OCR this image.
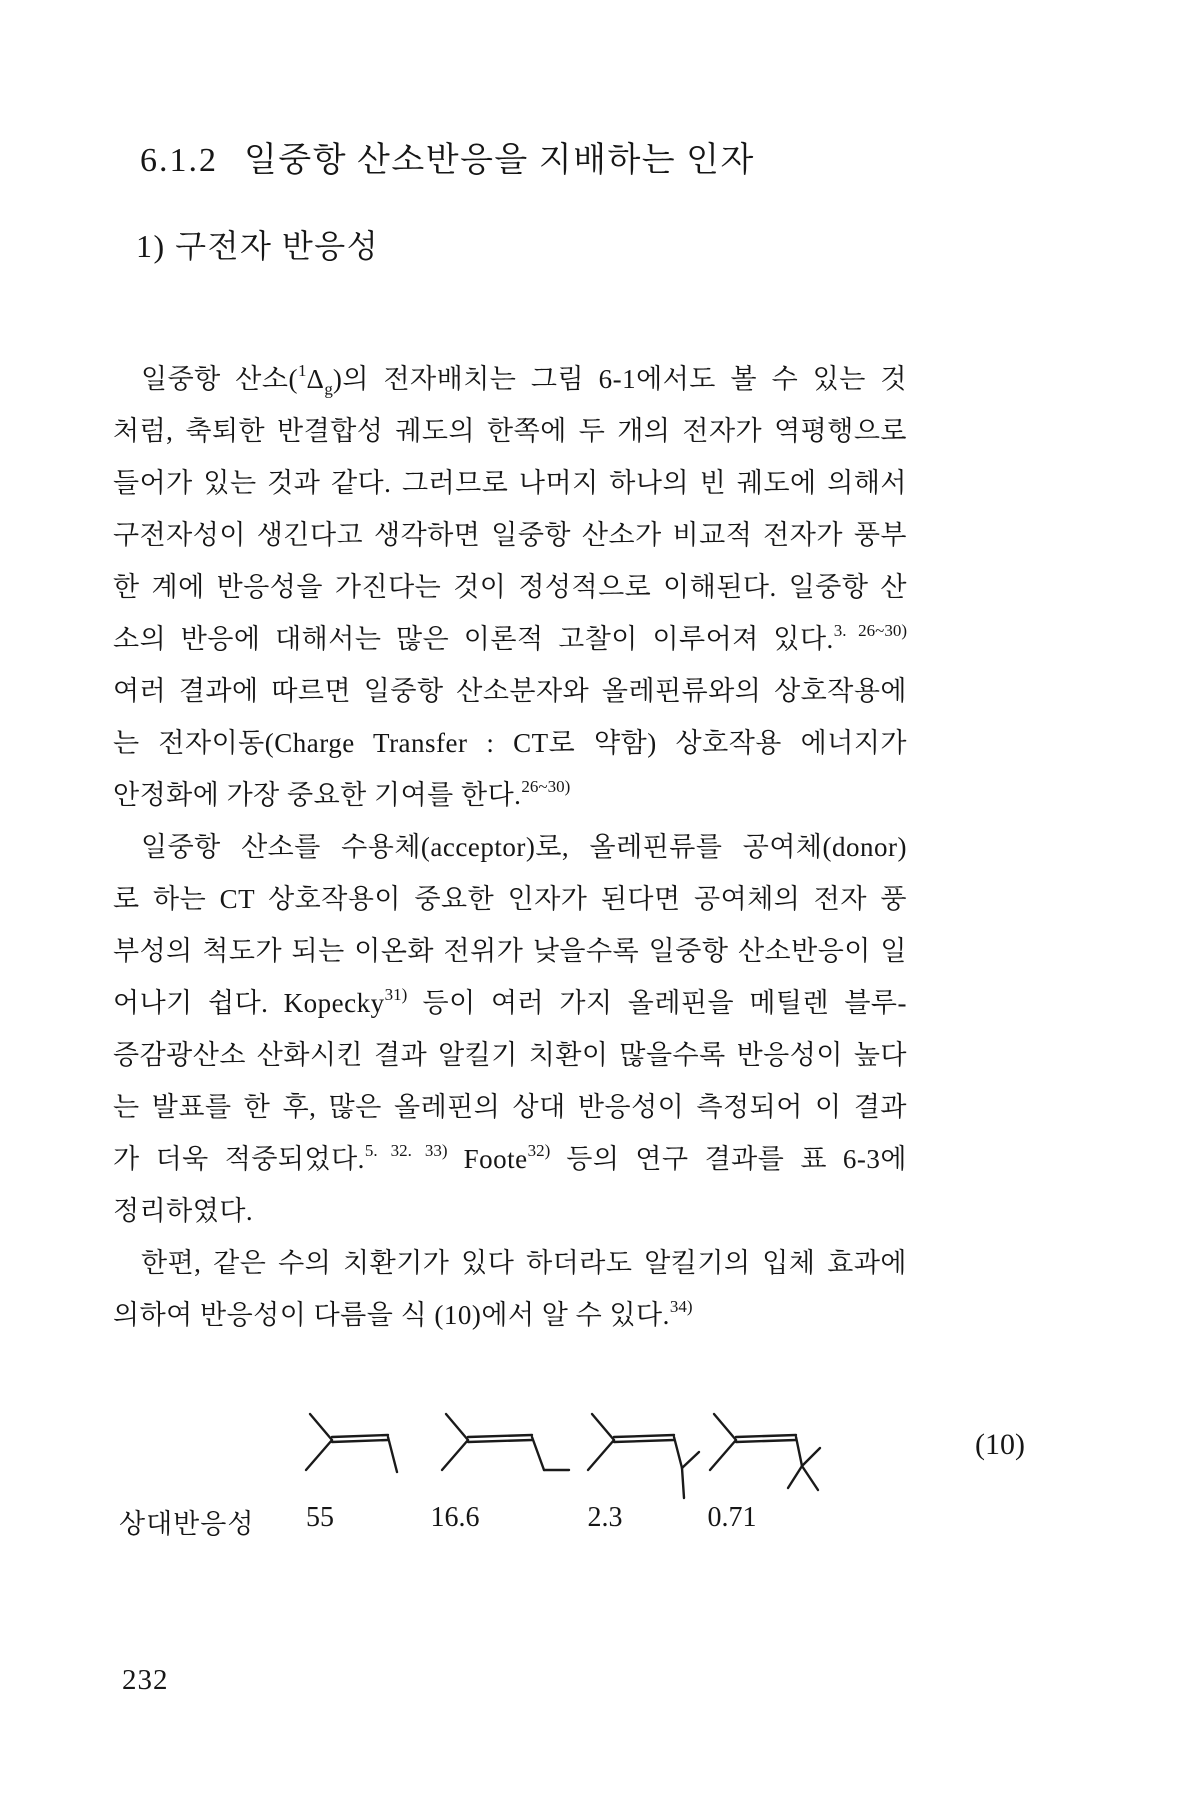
6.1.2 일중항 산소반응을 지배하는 인자
1) 구전자 반응성
일중항 산소$(^1\Delta_g)$의 전자배치는 그림 6-1에서도 볼 수 있는 것
처럼, 축퇴한 반결합성 궤도의 한쪽에 두 개의 전자가 역평행으로
들어가 있는 것과 같다. 그러므로 나머지 하나의 빈 궤도에 의해서
구전자성이 생긴다고 생각하면 일중항 산소가 비교적 전자가 풍부
한 계에 반응성을 가진다는 것이 정성적으로 이해된다. 일중항 산
소의 반응에 대해서는 많은 이론적 고찰이 이루어져 있다.$^{3. 26\sim 30)}$
여러 결과에 따르면 일중항 산소분자와 올레핀류와의 상호작용에
는 전자이동(Charge Transfer : CT로 약함) 상호작용 에너지가
안정화에 가장 중요한 기여를 한다.$^{26\sim 30)}$
일중항 산소를 수용체(acceptor)로, 올레핀류를 공여체(donor)
로 하는 CT 상호작용이 중요한 인자가 된다면 공여체의 전자 풍
부성의 척도가 되는 이온화 전위가 낮을수록 일중항 산소반응이 일
어나기 쉽다. Kopecky$^{31)}$ 등이 여러 가지 올레핀을 메틸렌 블루-
증감광산소 산화시킨 결과 알킬기 치환이 많을수록 반응성이 높다
는 발표를 한 후, 많은 올레핀의 상대 반응성이 측정되어 이 결과
가 더욱 적중되었다.$^{5. 32. 33)}$ Foote$^{32)}$ 등의 연구 결과를 표 6-3에
정리하였다.
한편, 같은 수의 치환기가 있다 하더라도 알킬기의 입체 효과에
의하여 반응성이 다름을 식 (10)에서 알 수 있다.$^{34)}$
(10)
상대반응성	55	16.6	2.3	0.71
232
